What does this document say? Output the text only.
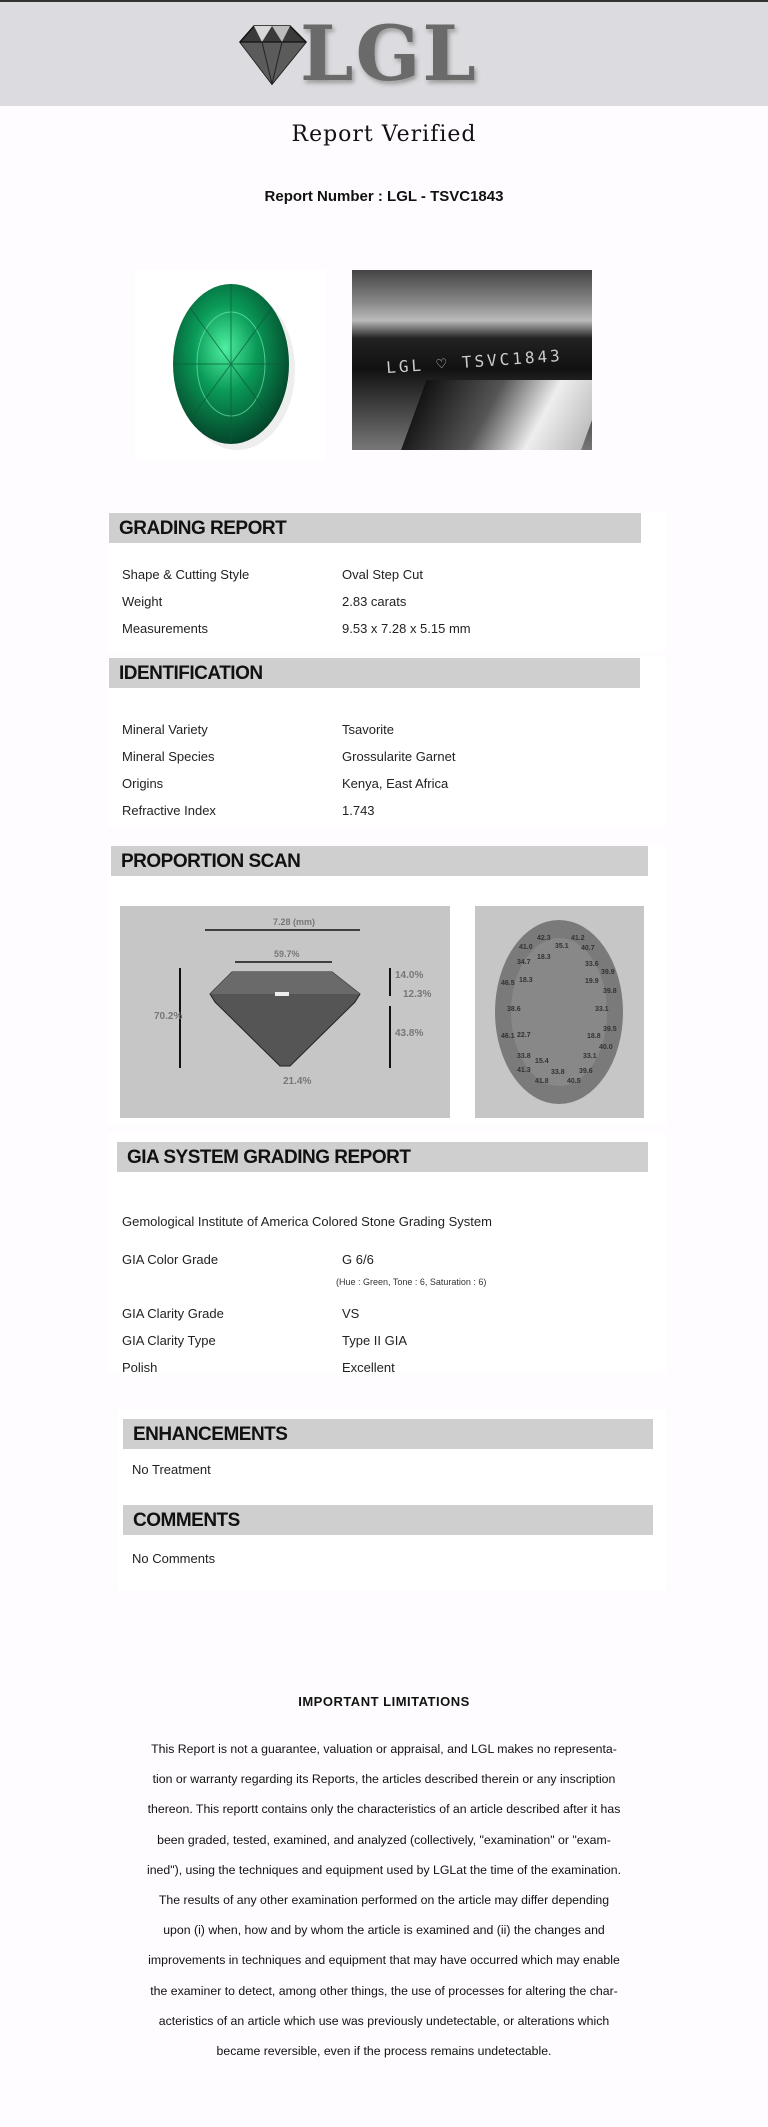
LGL
Report Verified
Report Number : LGL - TSVC1843
LGL ♡ TSVC1843
GRADING REPORT
Shape & Cutting Style	Oval Step Cut
Weight	2.83 carats
Measurements	9.53 x 7.28 x 5.15 mm
IDENTIFICATION
Mineral Variety	Tsavorite
Mineral Species	Grossularite Garnet
Origins	Kenya, East Africa
Refractive Index	1.743
PROPORTION SCAN
7.28 (mm)
59.7%
70.2%
14.0%
12.3%
43.8%
21.4%
42.3	41.2
41.0	35.1 40.7
18.3
34.7	33.6
39.9
46.5 18.3	19.9
39.8
38.6	33.1
46.1 22.7
39.5
18.8
40.0
33.8
15.4
33.1
41.3	33.8 39.6
41.8	40.5
GIA SYSTEM GRADING REPORT
Gemological Institute of America Colored Stone Grading System
GIA Color Grade	G 6/6
(Hue : Green, Tone : 6, Saturation : 6)
GIA Clarity Grade	VS
GIA Clarity Type	Type II GIA
Polish	Excellent
ENHANCEMENTS
No Treatment
COMMENTS
No Comments
IMPORTANT LIMITATIONS
This Report is not a guarantee, valuation or appraisal, and LGL makes no representa-
tion or warranty regarding its Reports, the articles described therein or any inscription
thereon. This reportt contains only the characteristics of an article described after it has
been graded, tested, examined, and analyzed (collectively, "examination" or "exam-
ined"), using the techniques and equipment used by LGLat the time of the examination.
The results of any other examination performed on the article may differ depending
upon (i) when, how and by whom the article is examined and (ii) the changes and
improvements in techniques and equipment that may have occurred which may enable
the examiner to detect, among other things, the use of processes for altering the char-
acteristics of an article which use was previously undetectable, or alterations which
became reversible, even if the process remains undetectable.
